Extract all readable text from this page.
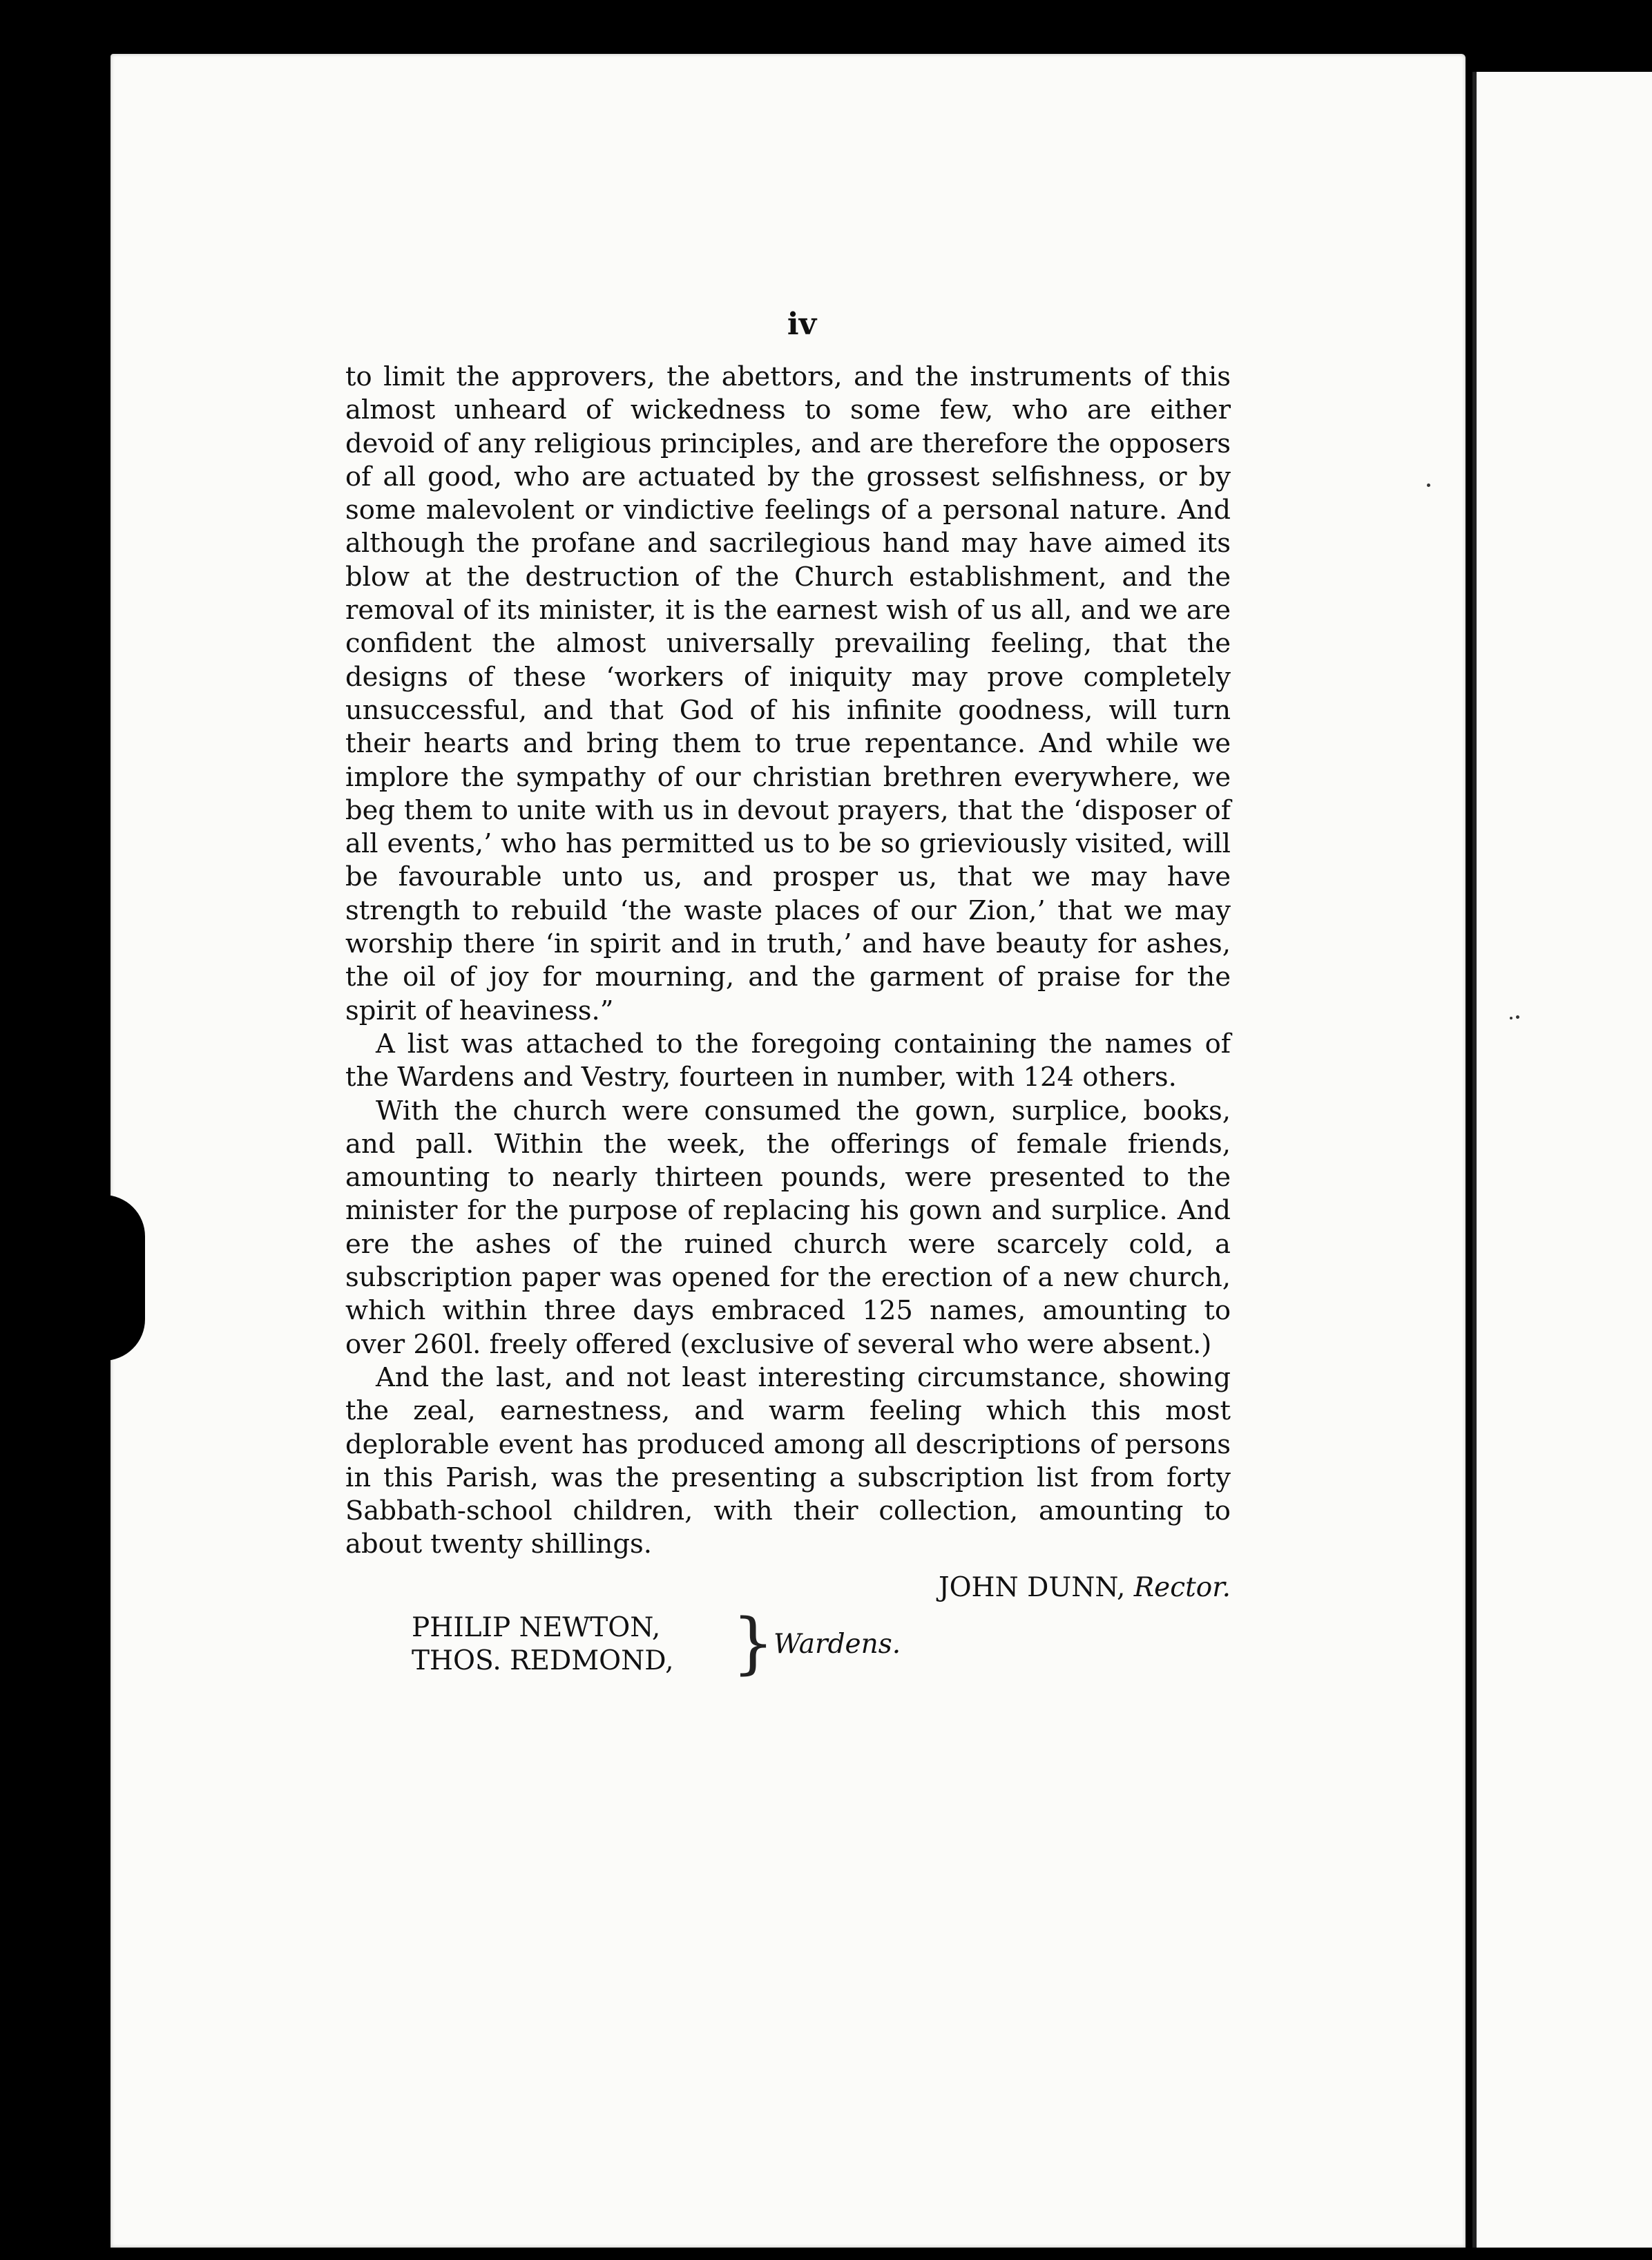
iv

to limit the approvers, the abettors, and the instruments of this almost unheard of wickedness to some few, who are either devoid of any religious principles, and are therefore the opposers of all good, who are actuated by the grossest selfishness, or by some malevolent or vindictive feelings of a personal nature. And although the profane and sacrilegious hand may have aimed its blow at the destruction of the Church establishment, and the removal of its minister, it is the earnest wish of us all, and we are confident the almost universally prevailing feeling, that the designs of these ‘workers of iniquity may prove completely unsuccessful, and that God of his infinite goodness, will turn their hearts and bring them to true repentance. And while we implore the sympathy of our christian brethren everywhere, we beg them to unite with us in devout prayers, that the ‘disposer of all events,’ who has permitted us to be so grieviously visited, will be favourable unto us, and prosper us, that we may have strength to rebuild ‘the waste places of our Zion,’ that we may worship there ‘in spirit and in truth,’ and have beauty for ashes, the oil of joy for mourning, and the garment of praise for the spirit of heaviness.”

A list was attached to the foregoing containing the names of the Wardens and Vestry, fourteen in number, with 124 others.

With the church were consumed the gown, surplice, books, and pall. Within the week, the offerings of female friends, amounting to nearly thirteen pounds, were presented to the minister for the purpose of replacing his gown and surplice. And ere the ashes of the ruined church were scarcely cold, a subscription paper was opened for the erection of a new church, which within three days embraced 125 names, amounting to over 260l. freely offered (exclusive of several who were absent.)

And the last, and not least interesting circumstance, showing the zeal, earnestness, and warm feeling which this most deplorable event has produced among all descriptions of persons in this Parish, was the presenting a subscription list from forty Sabbath-school children, with their collection, amounting to about twenty shillings.

JOHN DUNN, Rector.
PHILIP NEWTON,
THOS. REDMOND, }
Wardens.
